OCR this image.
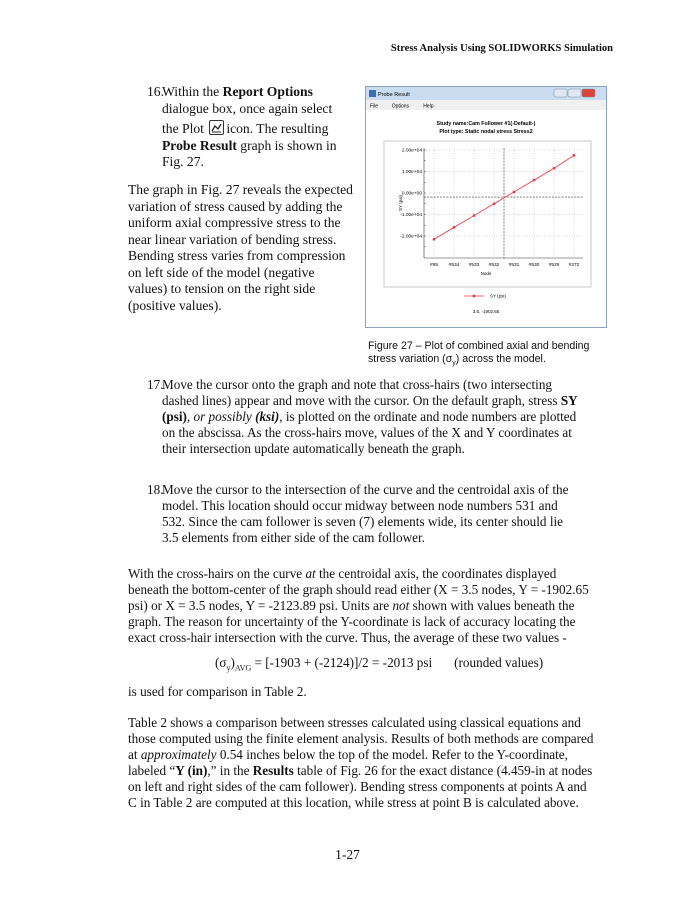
Stress Analysis Using SOLIDWORKS Simulation
16.

Within the Report Options

dialogue box, once again select

the Plot
icon. The resulting

Probe Result graph is shown in

Fig. 27.

The graph in Fig. 27 reveals the expected

variation of stress caused by adding the

uniform axial compressive stress to the

near linear variation of bending stress.

Bending stress varies from compression

on left side of the model (negative

values) to tension on the right side

(positive values).

Probe Result
File	Options	Help
Study name:Cam Follower #1(-Default-)
Plot type: Static nodal stress Stress2
2.00e+04
1.00e+04
0.00e+00
-1.00e+04
-2.00e+04
#95 #534 #533 #532 #531 #530 #529 #272
Node
SY (psi)
SY (psi)
3.5, -1902.65
Figure 27 – Plot of combined axial and bending
stress variation $(\sigma_y)$ across the model.
17.

Move the cursor onto the graph and note that cross-hairs (two intersecting

dashed lines) appear and move with the cursor. On the default graph, stress SY

(psi), or possibly (ksi), is plotted on the ordinate and node numbers are plotted

on the abscissa. As the cross-hairs move, values of the X and Y coordinates at

their intersection update automatically beneath the graph.

18.

Move the cursor to the intersection of the curve and the centroidal axis of the

model. This location should occur midway between node numbers 531 and

532. Since the cam follower is seven (7) elements wide, its center should lie

3.5 elements from either side of the cam follower.

With the cross-hairs on the curve at the centroidal axis, the coordinates displayed

beneath the bottom-center of the graph should read either (X = 3.5 nodes, Y = -1902.65

psi) or X = 3.5 nodes, Y = -2123.89 psi. Units are not shown with values beneath the

graph. The reason for uncertainty of the Y-coordinate is lack of accuracy locating the

exact cross-hair intersection with the curve. Thus, the average of these two values -

$(\sigma_y)_{AVG} = [-1903 + (-2124)]/2 = -2013$ psi (rounded values)
is used for comparison in Table 2.

Table 2 shows a comparison between stresses calculated using classical equations and

those computed using the finite element analysis. Results of both methods are compared

at approximately 0.54 inches below the top of the model. Refer to the Y-coordinate,

labeled “Y (in),” in the Results table of Fig. 26 for the exact distance (4.459-in at nodes

on left and right sides of the cam follower). Bending stress components at points A and

C in Table 2 are computed at this location, while stress at point B is calculated above.

1-27
